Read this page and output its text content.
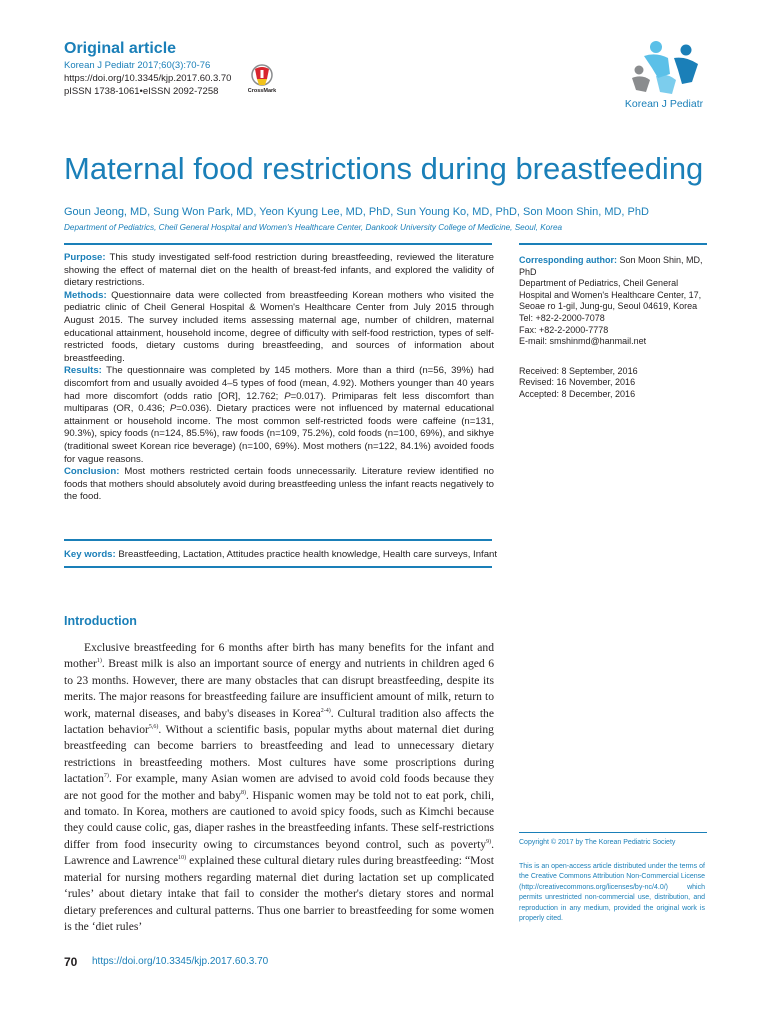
Original article
Korean J Pediatr 2017;60(3):70-76
https://doi.org/10.3345/kjp.2017.60.3.70
pISSN 1738-1061•eISSN 2092-7258	CrossMark
Korean J Pediatr
Maternal food restrictions during breastfeeding
Goun Jeong, MD, Sung Won Park, MD, Yeon Kyung Lee, MD, PhD, Sun Young Ko, MD, PhD, Son Moon Shin, MD, PhD
Department of Pediatrics, Cheil General Hospital and Women's Healthcare Center, Dankook University College of Medicine, Seoul, Korea

Purpose: This study investigated self-food restriction during breastfeeding, reviewed the literature showing the effect of maternal diet on the health of breast-fed infants, and explored the validity of dietary restrictions.

Methods: Questionnaire data were collected from breastfeeding Korean mothers who visited the pediatric clinic of Cheil General Hospital & Women's Healthcare Center from July 2015 through August 2015. The survey included items assessing maternal age, number of children, maternal educational attainment, household income, degree of difficulty with self-food restriction, types of self-restricted foods, dietary customs during breastfeeding, and sources of information about breastfeeding.

Results: The questionnaire was completed by 145 mothers. More than a third (n=56, 39%) had discomfort from and usually avoided 4–5 types of food (mean, 4.92). Mothers younger than 40 years had more discomfort (odds ratio [OR], 12.762; P=0.017). Primiparas felt less discomfort than multiparas (OR, 0.436; P=0.036). Dietary practices were not influenced by maternal educational attainment or household income. The most common self-restricted foods were caffeine (n=131, 90.3%), spicy foods (n=124, 85.5%), raw foods (n=109, 75.2%), cold foods (n=100, 69%), and sikhye (traditional sweet Korean rice beverage) (n=100, 69%). Most mothers (n=122, 84.1%) avoided foods for vague reasons.

Conclusion: Most mothers restricted certain foods unnecessarily. Literature review identified no foods that mothers should absolutely avoid during breastfeeding unless the infant reacts negatively to the food.

Key words: Breastfeeding, Lactation, Attitudes practice health knowledge, Health care surveys, Infant
Corresponding author: Son Moon Shin, MD, PhD
Department of Pediatrics, Cheil General Hospital and Women's Healthcare Center, 17, Seoae ro 1-gil, Jung-gu, Seoul 04619, Korea
Tel: +82-2-2000-7078
Fax: +82-2-2000-7778
E-mail: smshinmd@hanmail.net
Received: 8 September, 2016
Revised: 16 November, 2016
Accepted: 8 December, 2016
Introduction

Exclusive breastfeeding for 6 months after birth has many benefits for the infant and mother$^{1)}$. Breast milk is also an important source of energy and nutrients in children aged 6 to 23 months. However, there are many obstacles that can disrupt breastfeeding, despite its merits. The major reasons for breastfeeding failure are insufficient amount of milk, return to work, maternal diseases, and baby's diseases in Korea$^{2-4)}$. Cultural tradition also affects the lactation behavior$^{5,6)}$. Without a scientific basis, popular myths about maternal diet during breastfeeding can become barriers to breastfeeding and lead to unnecessary dietary restrictions in breastfeeding mothers. Most cultures have some proscriptions during lactation$^{7)}$. For example, many Asian women are advised to avoid cold foods because they are not good for the mother and baby$^{8)}$. Hispanic women may be told not to eat pork, chili, and tomato. In Korea, mothers are cautioned to avoid spicy foods, such as Kimchi because they could cause colic, gas, diaper rashes in the breastfeeding infants. These self-restrictions differ from food insecurity owing to circumstances beyond control, such as poverty$^{9)}$. Lawrence and Lawrence$^{10)}$ explained these cultural dietary rules during breastfeeding: “Most material for nursing mothers regarding maternal diet during lactation set up complicated ‘rules’ about dietary intake that fail to consider the mother's dietary stores and normal dietary preferences and cultural patterns. Thus one barrier to breastfeeding for some women is the ‘diet rules’

Copyright © 2017 by The Korean Pediatric Society
This is an open-access article distributed under the terms of the Creative Commons Attribution Non-Commercial License (http://creativecommons.org/licenses/by-nc/4.0/) which permits unrestricted non-commercial use, distribution, and reproduction in any medium, provided the original work is properly cited.
70 https://doi.org/10.3345/kjp.2017.60.3.70
